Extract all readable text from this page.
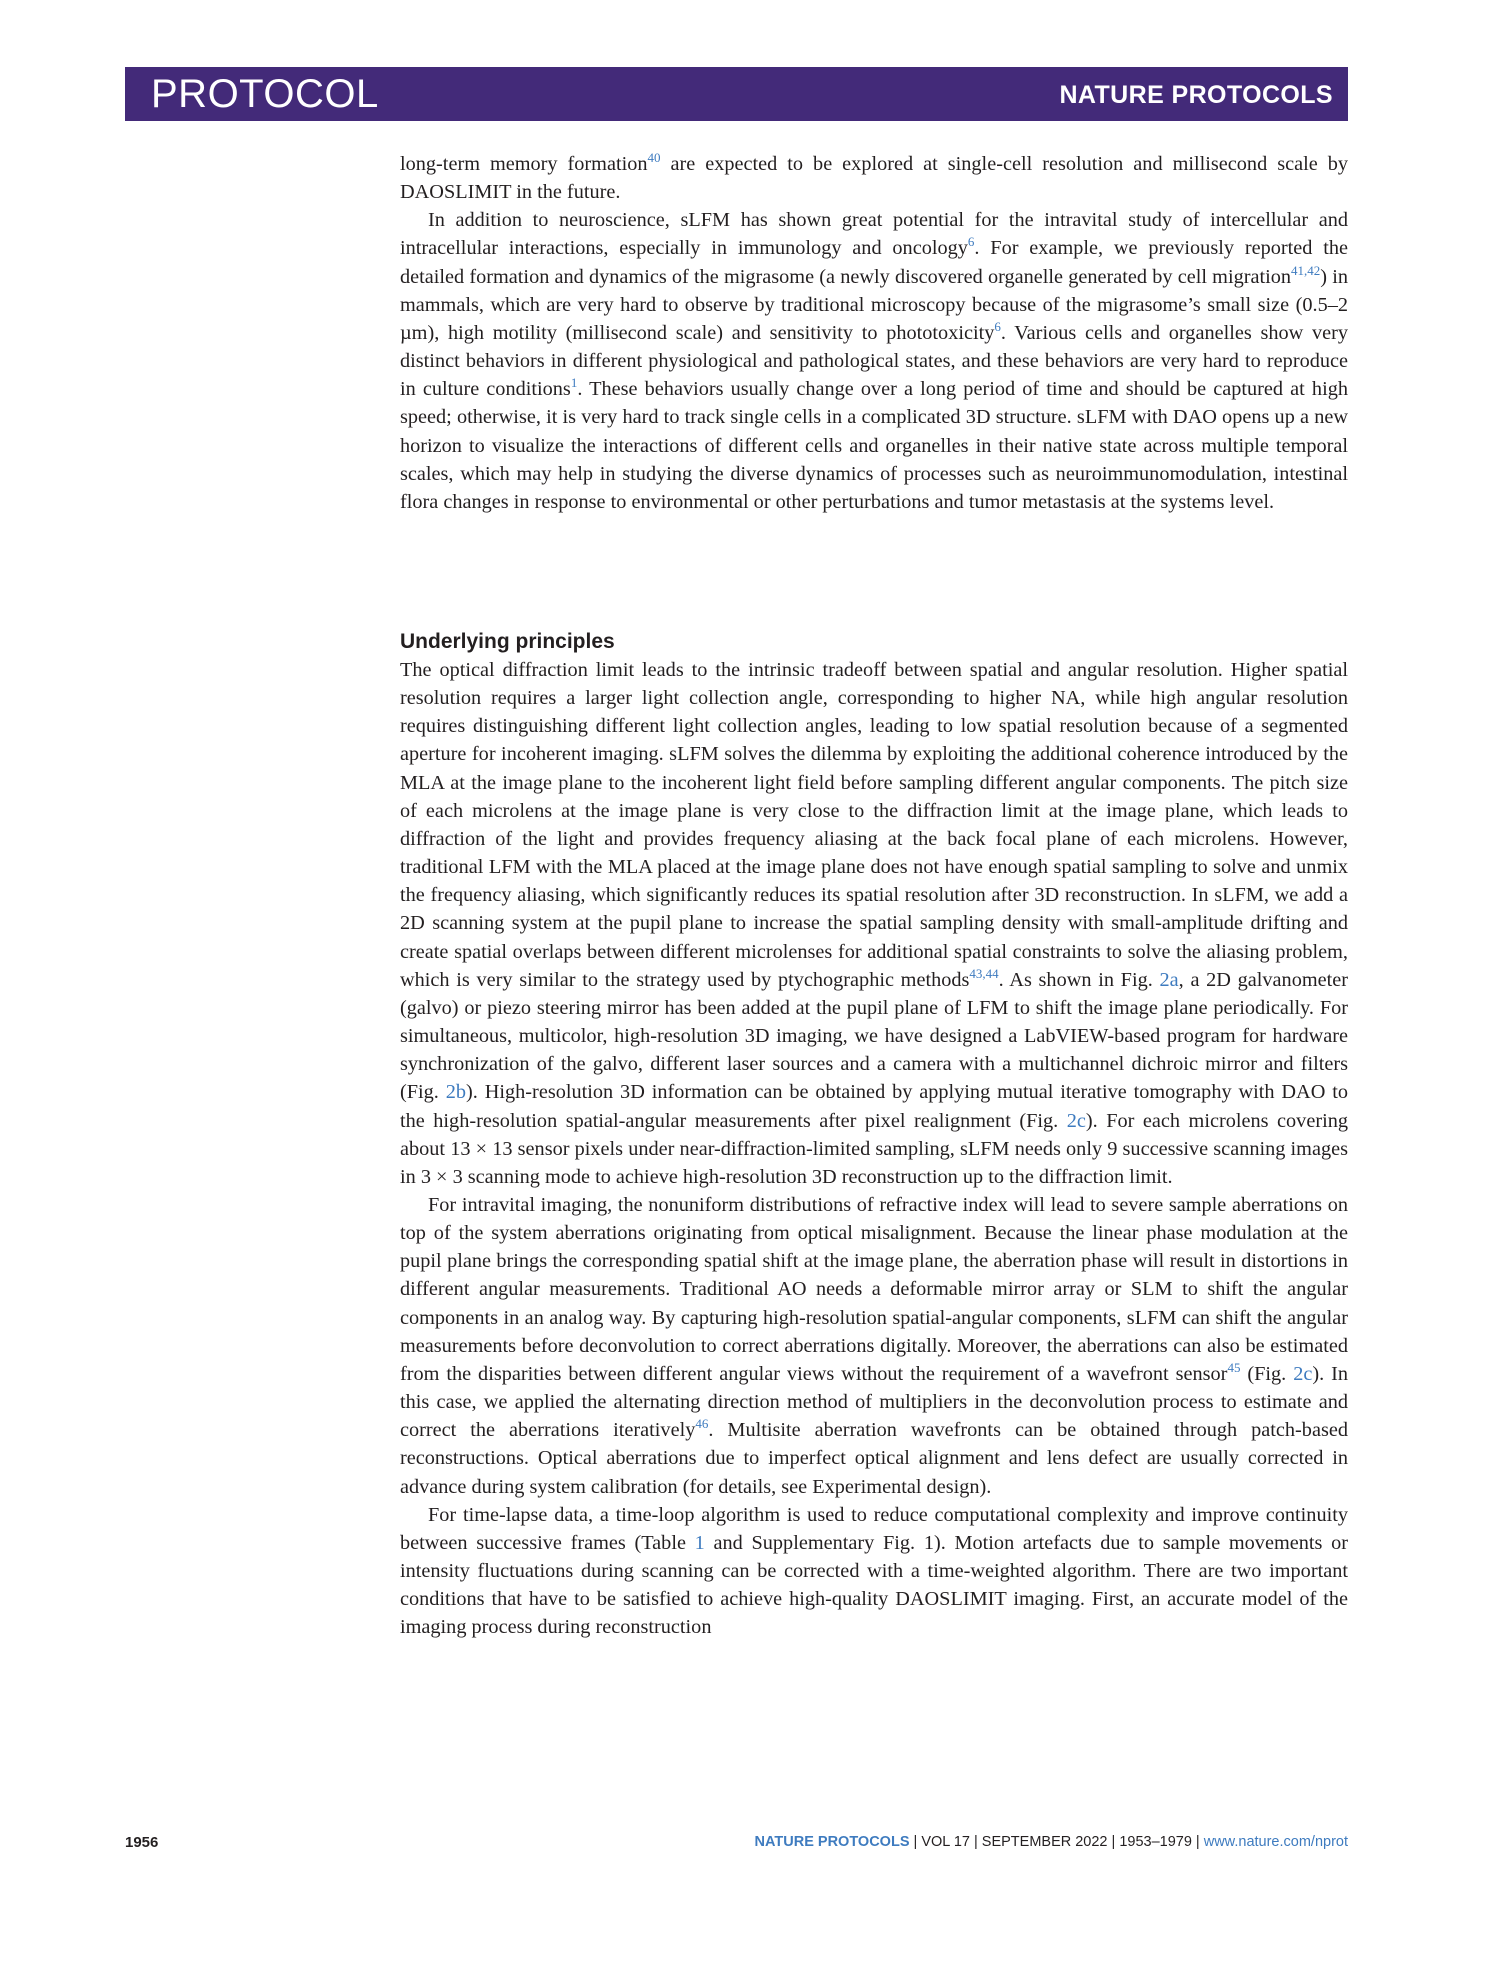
PROTOCOL	NATURE PROTOCOLS

long-term memory formation$^{40}$ are expected to be explored at single-cell resolution and millisecond scale by DAOSLIMIT in the future.

In addition to neuroscience, sLFM has shown great potential for the intravital study of intercellular and intracellular interactions, especially in immunology and oncology$^6$. For example, we previously reported the detailed formation and dynamics of the migrasome (a newly discovered organelle generated by cell migration$^{41,42}$) in mammals, which are very hard to observe by traditional microscopy because of the migrasome’s small size (0.5–2 µm), high motility (millisecond scale) and sensitivity to phototoxicity$^6$. Various cells and organelles show very distinct behaviors in different physiological and pathological states, and these behaviors are very hard to reproduce in culture conditions$^1$. These behaviors usually change over a long period of time and should be captured at high speed; otherwise, it is very hard to track single cells in a complicated 3D structure. sLFM with DAO opens up a new horizon to visualize the interactions of different cells and organelles in their native state across multiple temporal scales, which may help in studying the diverse dynamics of processes such as neuroimmunomodulation, intestinal flora changes in response to environmental or other perturbations and tumor metastasis at the systems level.

Underlying principles

The optical diffraction limit leads to the intrinsic tradeoff between spatial and angular resolution. Higher spatial resolution requires a larger light collection angle, corresponding to higher NA, while high angular resolution requires distinguishing different light collection angles, leading to low spatial resolution because of a segmented aperture for incoherent imaging. sLFM solves the dilemma by exploiting the additional coherence introduced by the MLA at the image plane to the incoherent light field before sampling different angular components. The pitch size of each microlens at the image plane is very close to the diffraction limit at the image plane, which leads to diffraction of the light and provides frequency aliasing at the back focal plane of each microlens. However, traditional LFM with the MLA placed at the image plane does not have enough spatial sampling to solve and unmix the frequency aliasing, which significantly reduces its spatial resolution after 3D reconstruction. In sLFM, we add a 2D scanning system at the pupil plane to increase the spatial sampling density with small-amplitude drifting and create spatial overlaps between different microlenses for additional spatial constraints to solve the aliasing problem, which is very similar to the strategy used by ptychographic methods$^{43,44}$. As shown in Fig. 2a, a 2D galvanometer (galvo) or piezo steering mirror has been added at the pupil plane of LFM to shift the image plane periodically. For simultaneous, multicolor, high-resolution 3D imaging, we have designed a LabVIEW-based program for hardware synchronization of the galvo, different laser sources and a camera with a multichannel dichroic mirror and filters (Fig. 2b). High-resolution 3D information can be obtained by applying mutual iterative tomography with DAO to the high-resolution spatial-angular measurements after pixel realignment (Fig. 2c). For each microlens covering about 13 × 13 sensor pixels under near-diffraction-limited sampling, sLFM needs only 9 successive scanning images in 3 × 3 scanning mode to achieve high-resolution 3D reconstruction up to the diffraction limit.

For intravital imaging, the nonuniform distributions of refractive index will lead to severe sample aberrations on top of the system aberrations originating from optical misalignment. Because the linear phase modulation at the pupil plane brings the corresponding spatial shift at the image plane, the aberration phase will result in distortions in different angular measurements. Traditional AO needs a deformable mirror array or SLM to shift the angular components in an analog way. By capturing high-resolution spatial-angular components, sLFM can shift the angular measurements before deconvolution to correct aberrations digitally. Moreover, the aberrations can also be estimated from the disparities between different angular views without the requirement of a wavefront sensor$^{45}$ (Fig. 2c). In this case, we applied the alternating direction method of multipliers in the deconvolution process to estimate and correct the aberrations iteratively$^{46}$. Multisite aberration wavefronts can be obtained through patch-based reconstructions. Optical aberrations due to imperfect optical alignment and lens defect are usually corrected in advance during system calibration (for details, see Experimental design).

For time-lapse data, a time-loop algorithm is used to reduce computational complexity and improve continuity between successive frames (Table 1 and Supplementary Fig. 1). Motion artefacts due to sample movements or intensity fluctuations during scanning can be corrected with a time-weighted algorithm. There are two important conditions that have to be satisfied to achieve high-quality DAOSLIMIT imaging. First, an accurate model of the imaging process during reconstruction

1956	NATURE PROTOCOLS | VOL 17 | SEPTEMBER 2022 | 1953–1979 | www.nature.com/nprot
